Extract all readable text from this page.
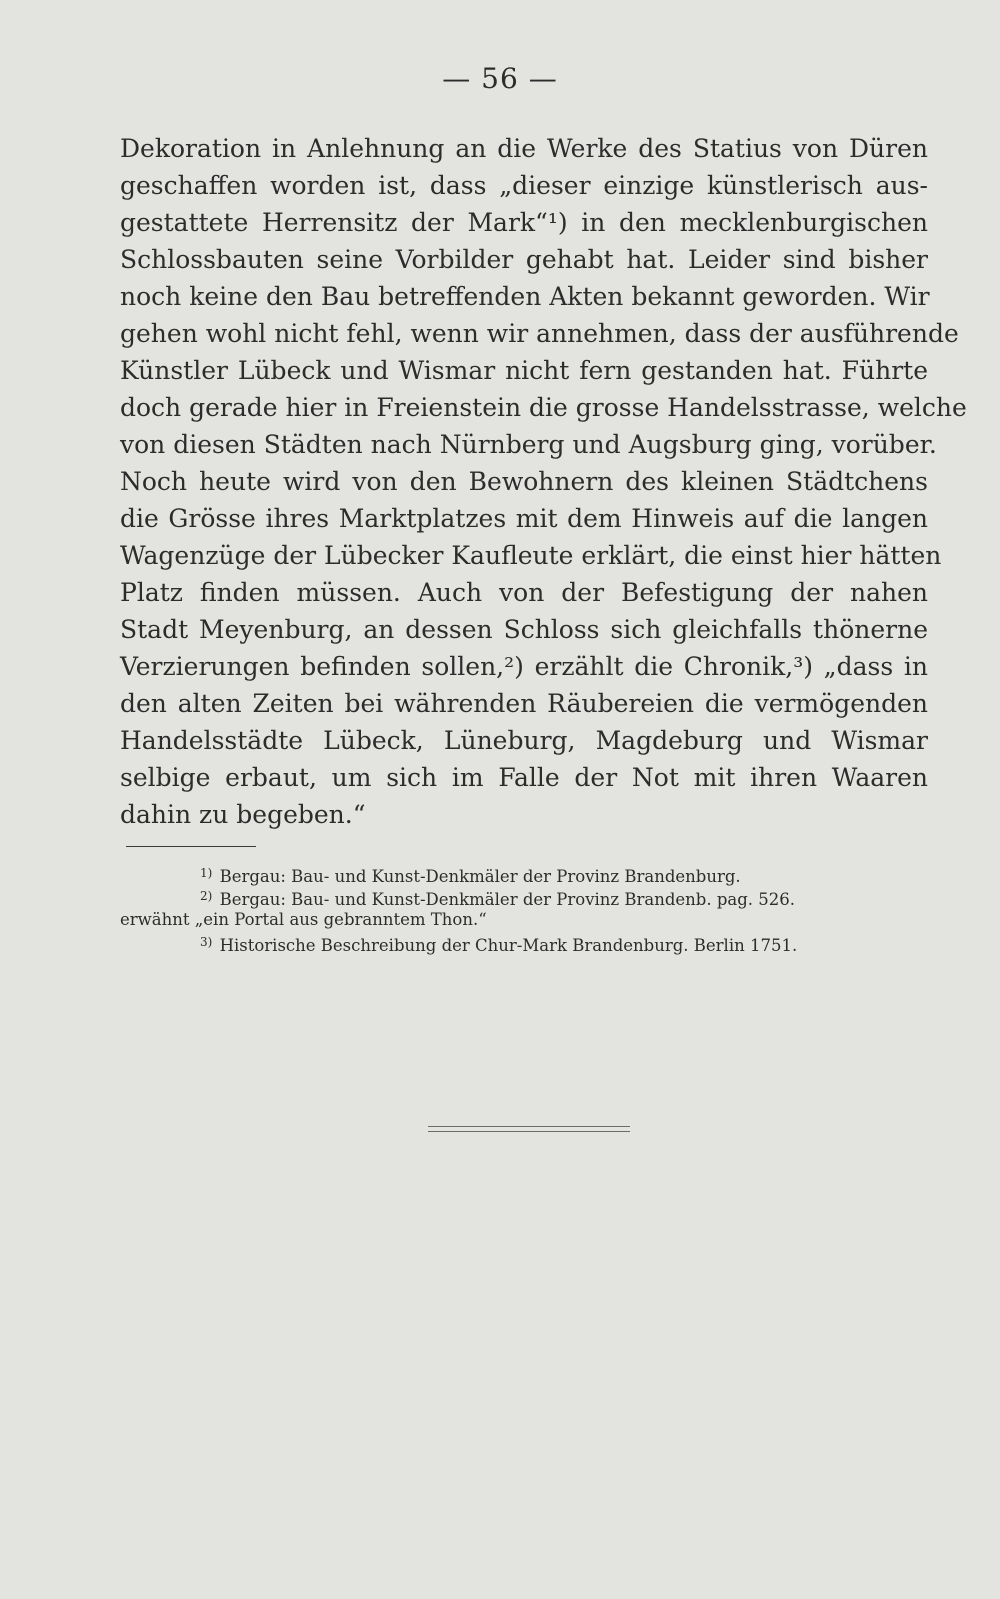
— 56 —
Dekoration in Anlehnung an die Werke des Statius von Düren
geschaffen worden ist, dass „dieser einzige künstlerisch aus-
gestattete Herrensitz der Mark“¹) in den mecklenburgischen
Schlossbauten seine Vorbilder gehabt hat. Leider sind bisher
noch keine den Bau betreffenden Akten bekannt geworden. Wir
gehen wohl nicht fehl, wenn wir annehmen, dass der ausführende
Künstler Lübeck und Wismar nicht fern gestanden hat. Führte
doch gerade hier in Freienstein die grosse Handelsstrasse, welche
von diesen Städten nach Nürnberg und Augsburg ging, vorüber.
Noch heute wird von den Bewohnern des kleinen Städtchens
die Grösse ihres Marktplatzes mit dem Hinweis auf die langen
Wagenzüge der Lübecker Kaufleute erklärt, die einst hier hätten
Platz finden müssen. Auch von der Befestigung der nahen
Stadt Meyenburg, an dessen Schloss sich gleichfalls thönerne
Verzierungen befinden sollen,²) erzählt die Chronik,³) „dass in
den alten Zeiten bei währenden Räubereien die vermögenden
Handelsstädte Lübeck, Lüneburg, Magdeburg und Wismar
selbige erbaut, um sich im Falle der Not mit ihren Waaren
dahin zu begeben.“
$^{1)}$ Bergau: Bau- und Kunst-Denkmäler der Provinz Brandenburg.
$^{2)}$ Bergau: Bau- und Kunst-Denkmäler der Provinz Brandenb. pag. 526.
erwähnt „ein Portal aus gebranntem Thon.“
$^{3)}$ Historische Beschreibung der Chur-Mark Brandenburg. Berlin 1751.
